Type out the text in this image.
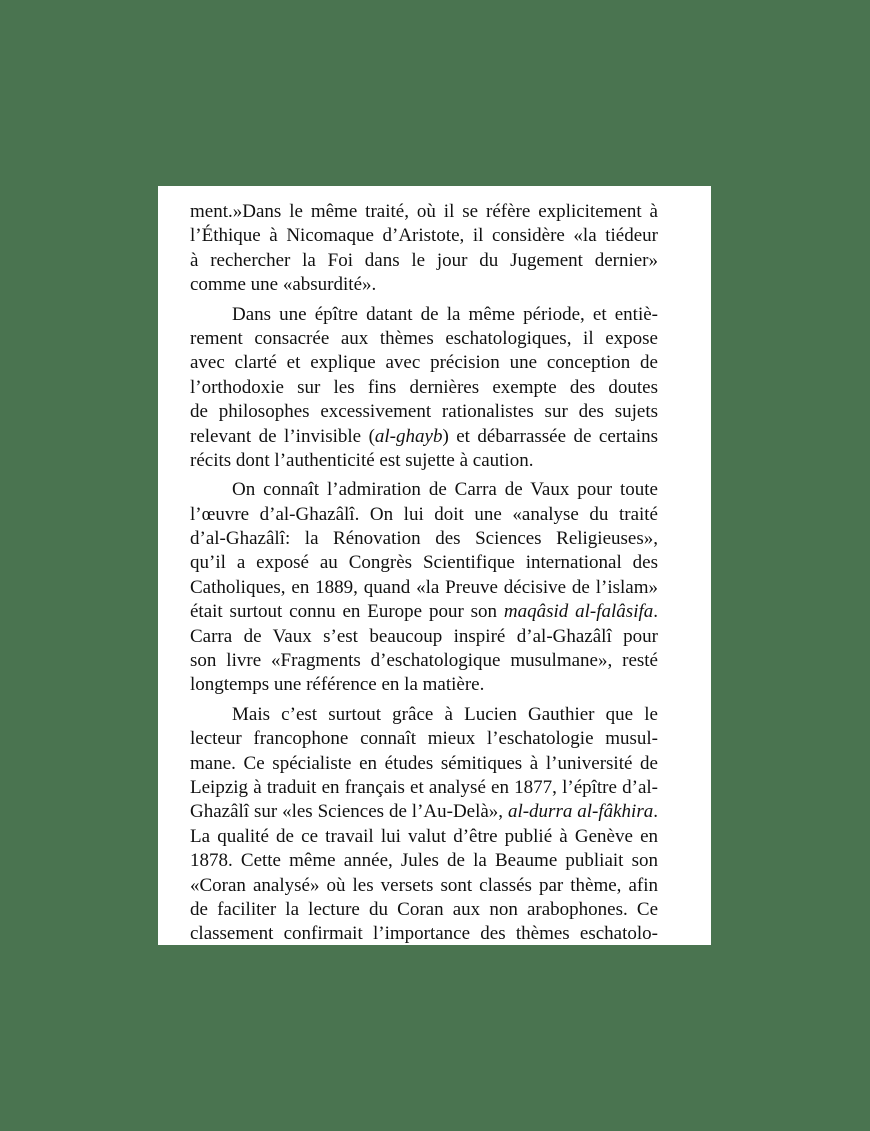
ment.»Dans le même traité, où il se réfère explicitement à
l’Éthique à Nicomaque d’Aristote, il considère «la tiédeur
à rechercher la Foi dans le jour du Jugement dernier»
comme une «absurdité».
Dans une épître datant de la même période, et entiè-
rement consacrée aux thèmes eschatologiques, il expose
avec clarté et explique avec précision une conception de
l’orthodoxie sur les fins dernières exempte des doutes
de philosophes excessivement rationalistes sur des sujets
relevant de l’invisible (al-ghayb) et débarrassée de certains
récits dont l’authenticité est sujette à caution.
On connaît l’admiration de Carra de Vaux pour toute
l’œuvre d’al-Ghazâlî. On lui doit une «analyse du traité
d’al-Ghazâlî: la Rénovation des Sciences Religieuses»,
qu’il a exposé au Congrès Scientifique international des
Catholiques, en 1889, quand «la Preuve décisive de l’islam»
était surtout connu en Europe pour son maqâsid al-falâsifa.
Carra de Vaux s’est beaucoup inspiré d’al-Ghazâlî pour
son livre «Fragments d’eschatologique musulmane», resté
longtemps une référence en la matière.
Mais c’est surtout grâce à Lucien Gauthier que le
lecteur francophone connaît mieux l’eschatologie musul-
mane. Ce spécialiste en études sémitiques à l’université de
Leipzig à traduit en français et analysé en 1877, l’épître d’al-
Ghazâlî sur «les Sciences de l’Au-Delà», al-durra al-fâkhira.
La qualité de ce travail lui valut d’être publié à Genève en
1878. Cette même année, Jules de la Beaume publiait son
«Coran analysé» où les versets sont classés par thème, afin
de faciliter la lecture du Coran aux non arabophones. Ce
classement confirmait l’importance des thèmes eschatolo-
